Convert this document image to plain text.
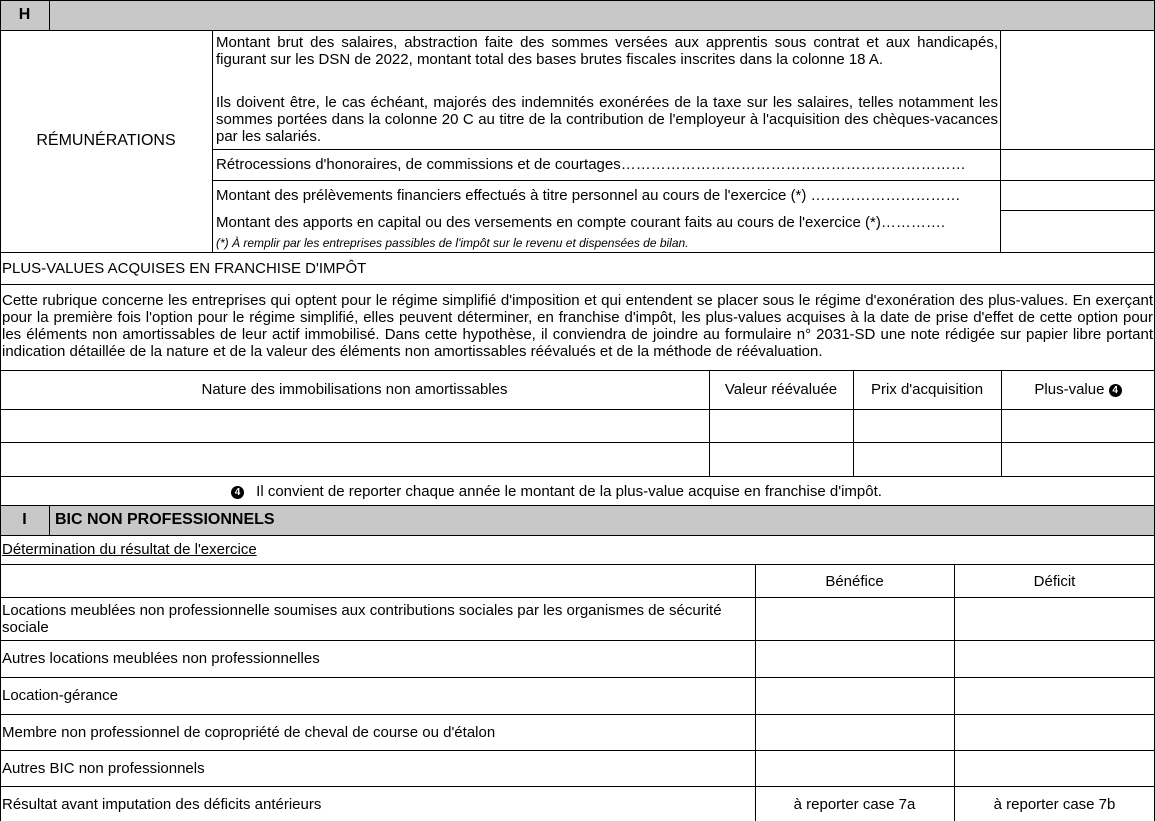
H
RÉMUNÉRATIONS
Montant brut des salaires, abstraction faite des sommes versées aux apprentis sous contrat et aux handicapés, figurant sur les DSN de 2022, montant total des bases brutes fiscales inscrites dans la colonne 18 A.
Ils doivent être, le cas échéant, majorés des indemnités exonérées de la taxe sur les salaires, telles notamment les sommes portées dans la colonne 20 C au titre de la contribution de l'employeur à l'acquisition des chèques-vacances par les salariés.
Rétrocessions d'honoraires, de commissions et de courtages……………………………………………………………
Montant des prélèvements financiers effectués à titre personnel au cours de l'exercice (*) …………………………
Montant des apports en capital ou des versements en compte courant faits au cours de l'exercice (*)………….
(*) À remplir par les entreprises passibles de l'impôt sur le revenu et dispensées de bilan.
PLUS-VALUES ACQUISES EN FRANCHISE D'IMPÔT
Cette rubrique concerne les entreprises qui optent pour le régime simplifié d'imposition et qui entendent se placer sous le régime d'exonération des plus-values. En exerçant pour la première fois l'option pour le régime simplifié, elles peuvent déterminer, en franchise d'impôt, les plus-values acquises à la date de prise d'effet de cette option pour les éléments non amortissables de leur actif immobilisé. Dans cette hypothèse, il conviendra de joindre au formulaire n° 2031-SD une note rédigée sur papier libre portant indication détaillée de la nature et de la valeur des éléments non amortissables réévalués et de la méthode de réévaluation.
Nature des immobilisations non amortissables	Valeur réévaluée	Prix d'acquisition	Plus-value 4
4 Il convient de reporter chaque année le montant de la plus-value acquise en franchise d'impôt.
I	BIC NON PROFESSIONNELS
Détermination du résultat de l'exercice
Bénéfice	Déficit
Locations meublées non professionnelle soumises aux contributions sociales par les organismes de sécurité sociale
Autres locations meublées non professionnelles
Location-gérance
Membre non professionnel de copropriété de cheval de course ou d'étalon
Autres BIC non professionnels
Résultat avant imputation des déficits antérieurs	à reporter case 7a	à reporter case 7b
